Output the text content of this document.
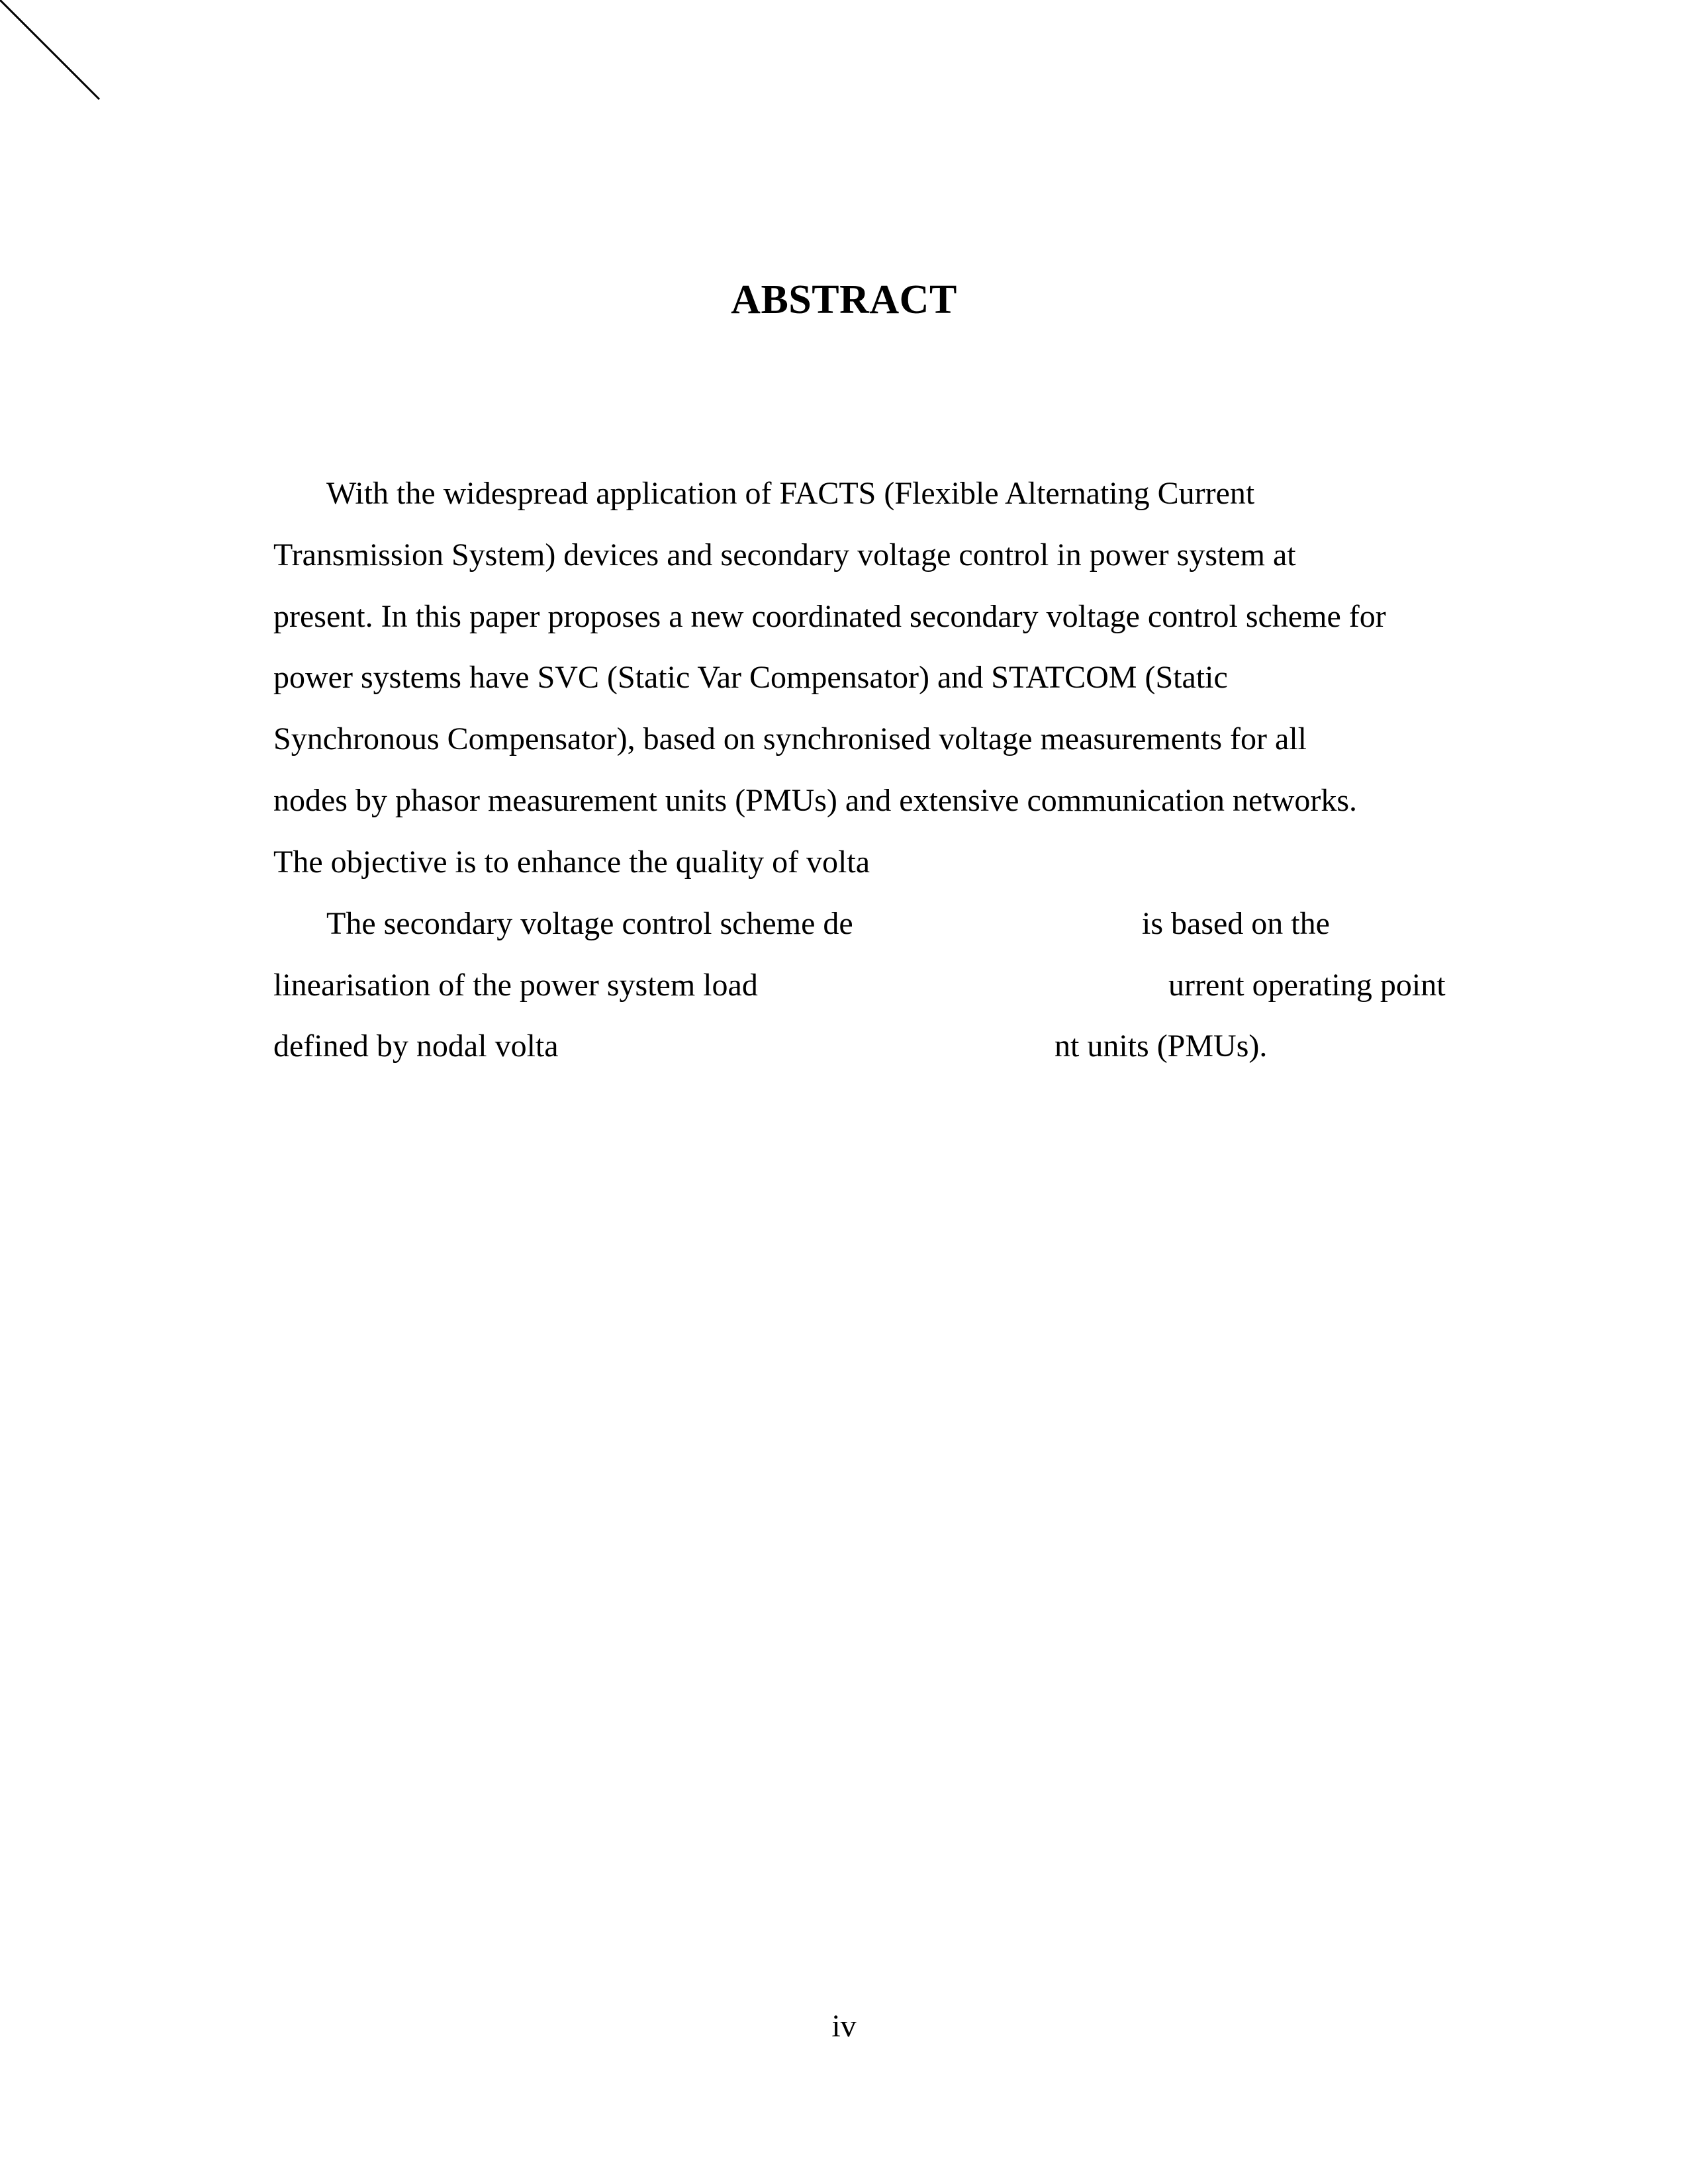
ABSTRACT
With the widespread application of FACTS (Flexible Alternating Current
Transmission System) devices and secondary voltage control in power system at
present. In this paper proposes a new coordinated secondary voltage control scheme for
power systems have SVC (Static Var Compensator) and STATCOM (Static
Synchronous Compensator), based on synchronised voltage measurements for all
nodes by phasor measurement units (PMUs) and extensive communication networks.
The objective is to enhance the quality of volta
The secondary voltage control scheme de	is based on the
linearisation of the power system load	urrent operating point
defined by nodal volta	nt units (PMUs).
iv
